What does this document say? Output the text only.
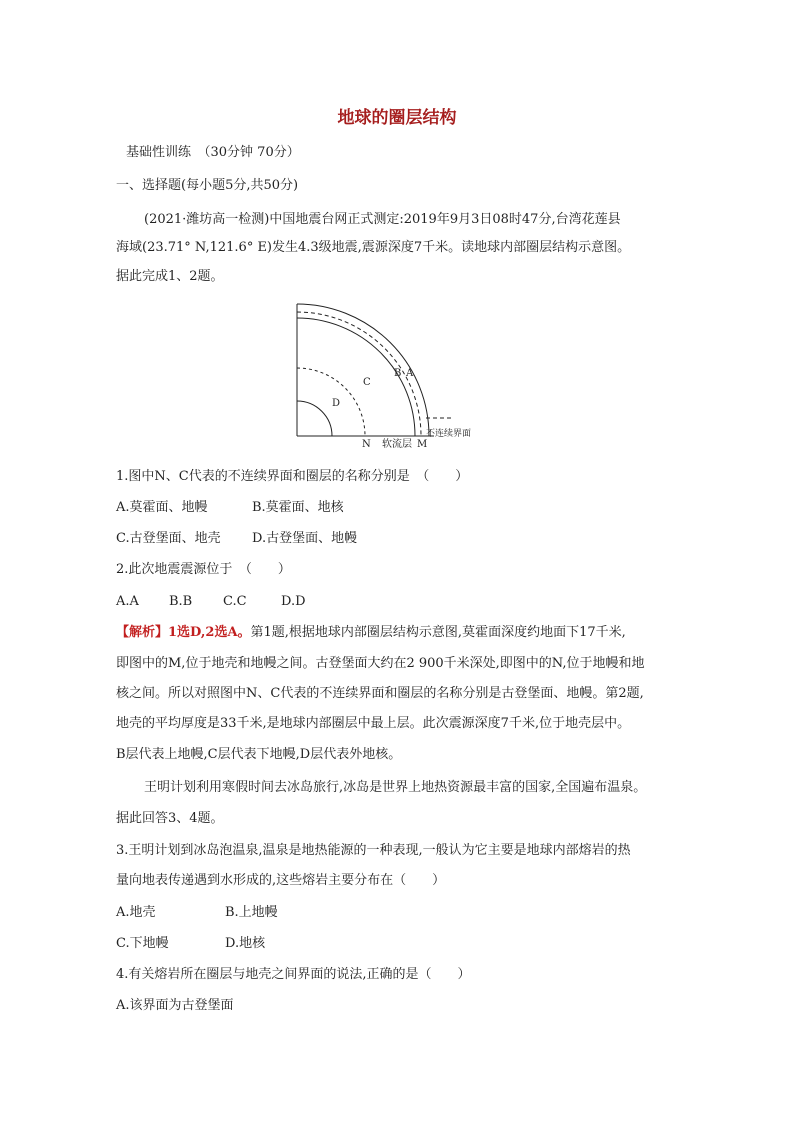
地球的圈层结构
基础性训练　（30分钟 70分）
一、选择题(每小题5分,共50分)
(2021·潍坊高一检测)中国地震台网正式测定:2019年9月3日08时47分,台湾花莲县
海域(23.71° N,121.6° E)发生4.3级地震,震源深度7千米。读地球内部圈层结构示意图。
据此完成1、2题。
D
C
B A
N 软流层 M
不连续界面
1.图中N、C代表的不连续界面和圈层的名称分别是　（　　）
A.莫霍面、地幔	B.莫霍面、地核
C.古登堡面、地壳 D.古登堡面、地幔
2.此次地震震源位于　（　　）
A.A B.B C.C	D.D
【解析】1选D,2选A。第1题,根据地球内部圈层结构示意图,莫霍面深度约地面下17千米,
即图中的M,位于地壳和地幔之间。古登堡面大约在2 900千米深处,即图中的N,位于地幔和地
核之间。所以对照图中N、C代表的不连续界面和圈层的名称分别是古登堡面、地幔。第2题,
地壳的平均厚度是33千米,是地球内部圈层中最上层。此次震源深度7千米,位于地壳层中。
B层代表上地幔,C层代表下地幔,D层代表外地核。
王明计划利用寒假时间去冰岛旅行,冰岛是世界上地热资源最丰富的国家,全国遍布温泉。
据此回答3、4题。
3.王明计划到冰岛泡温泉,温泉是地热能源的一种表现,一般认为它主要是地球内部熔岩的热
量向地表传递遇到水形成的,这些熔岩主要分布在（　　）
A.地壳	B.上地幔
C.下地幔	D.地核
4.有关熔岩所在圈层与地壳之间界面的说法,正确的是（　　）
A.该界面为古登堡面
